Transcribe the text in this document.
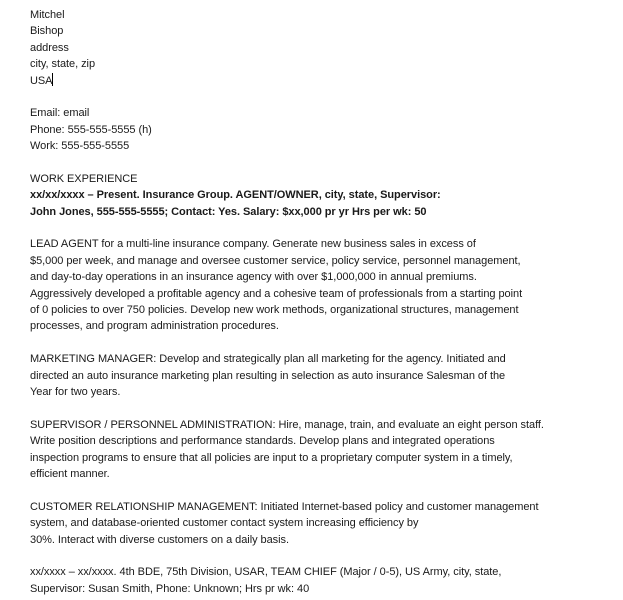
Mitchel
Bishop
address
city, state, zip
USA
Email: email
Phone: 555-555-5555 (h)
Work: 555-555-5555
WORK EXPERIENCE
xx/xx/xxxx – Present. Insurance Group. AGENT/OWNER, city, state, Supervisor:
John Jones, 555-555-5555; Contact: Yes. Salary: $xx,000 pr yr Hrs per wk: 50
LEAD AGENT for a multi-line insurance company. Generate new business sales in excess of
$5,000 per week, and manage and oversee customer service, policy service, personnel management,
and day-to-day operations in an insurance agency with over $1,000,000 in annual premiums.
Aggressively developed a profitable agency and a cohesive team of professionals from a starting point
of 0 policies to over 750 policies. Develop new work methods, organizational structures, management
processes, and program administration procedures.
MARKETING MANAGER: Develop and strategically plan all marketing for the agency. Initiated and
directed an auto insurance marketing plan resulting in selection as auto insurance Salesman of the
Year for two years.
SUPERVISOR / PERSONNEL ADMINISTRATION: Hire, manage, train, and evaluate an eight person staff.
Write position descriptions and performance standards. Develop plans and integrated operations
inspection programs to ensure that all policies are input to a proprietary computer system in a timely,
efficient manner.
CUSTOMER RELATIONSHIP MANAGEMENT: Initiated Internet-based policy and customer management
system, and database-oriented customer contact system increasing efficiency by
30%. Interact with diverse customers on a daily basis.
xx/xxxx – xx/xxxx. 4th BDE, 75th Division, USAR, TEAM CHIEF (Major / 0-5), US Army, city, state,
Supervisor: Susan Smith, Phone: Unknown; Hrs pr wk: 40
